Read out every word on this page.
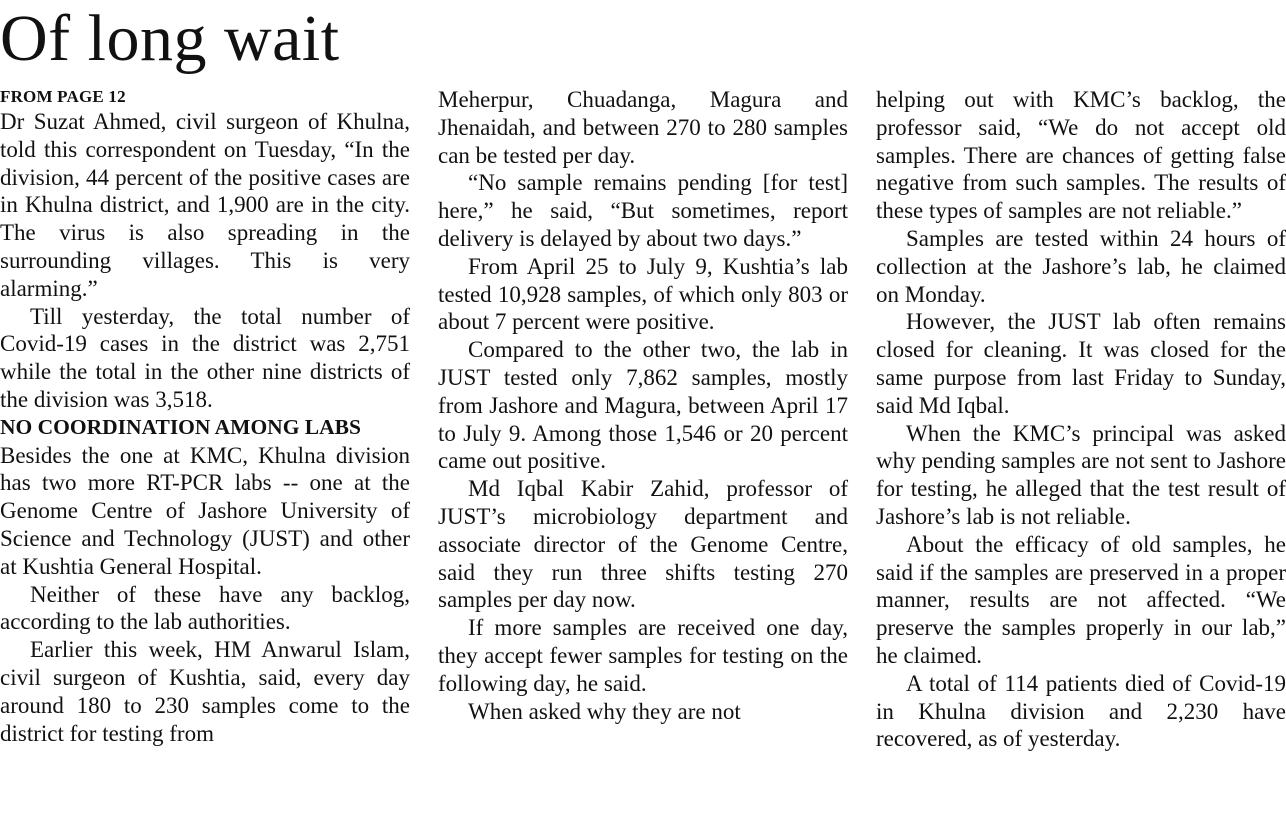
Of long wait

FROM PAGE 12

Dr Suzat Ahmed, civil surgeon of Khulna, told this correspondent on Tuesday, “In the division, 44 percent of the positive cases are in Khulna district, and 1,900 are in the city. The virus is also spreading in the surrounding villages. This is very alarming.”

Till yesterday, the total number of Covid-19 cases in the district was 2,751 while the total in the other nine districts of the division was 3,518.

NO COORDINATION AMONG LABS

Besides the one at KMC, Khulna division has two more RT-PCR labs -- one at the Genome Centre of Jashore University of Science and Technology (JUST) and other at Kushtia General Hospital.

Neither of these have any backlog, according to the lab authorities.

Earlier this week, HM Anwarul Islam, civil surgeon of Kushtia, said, every day around 180 to 230 samples come to the district for testing from

Meherpur, Chuadanga, Magura and Jhenaidah, and between 270 to 280 samples can be tested per day.

“No sample remains pending [for test] here,” he said, “But sometimes, report delivery is delayed by about two days.”

From April 25 to July 9, Kushtia’s lab tested 10,928 samples, of which only 803 or about 7 percent were positive.

Compared to the other two, the lab in JUST tested only 7,862 samples, mostly from Jashore and Magura, between April 17 to July 9. Among those 1,546 or 20 percent came out positive.

Md Iqbal Kabir Zahid, professor of JUST’s microbiology department and associate director of the Genome Centre, said they run three shifts testing 270 samples per day now.

If more samples are received one day, they accept fewer samples for testing on the following day, he said.

When asked why they are not

helping out with KMC’s backlog, the professor said, “We do not accept old samples. There are chances of getting false negative from such samples. The results of these types of samples are not reliable.”

Samples are tested within 24 hours of collection at the Jashore’s lab, he claimed on Monday.

However, the JUST lab often remains closed for cleaning. It was closed for the same purpose from last Friday to Sunday, said Md Iqbal.

When the KMC’s principal was asked why pending samples are not sent to Jashore for testing, he alleged that the test result of Jashore’s lab is not reliable.

About the efficacy of old samples, he said if the samples are preserved in a proper manner, results are not affected. “We preserve the samples properly in our lab,” he claimed.

A total of 114 patients died of Covid-19 in Khulna division and 2,230 have recovered, as of yesterday.
